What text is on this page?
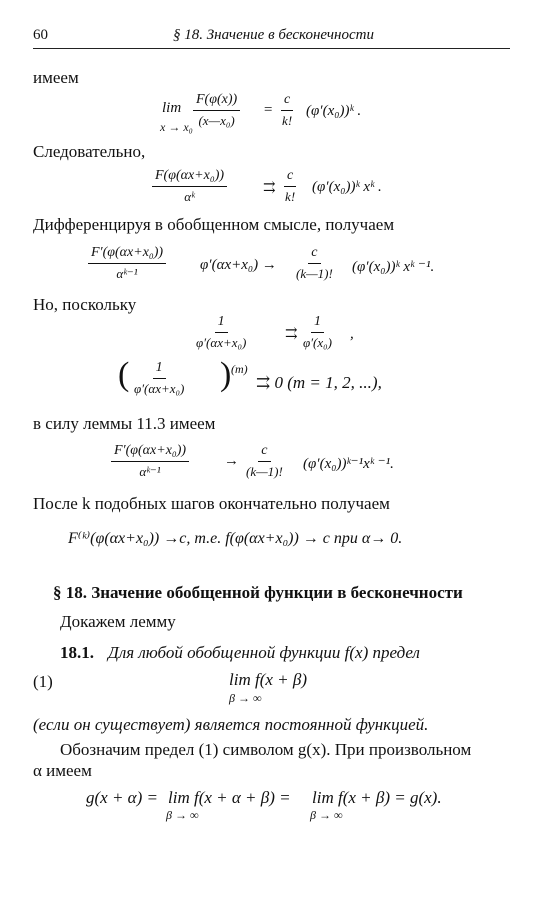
60	§ 18. Значение в бесконечности
имеем
lim
$x \to x_0 \frac{F(\varphi(x))}{\text{(x—x₀)}} = \frac{c}{k!}$ (φ′(x₀))ᵏ .
Следовательно,
$\frac{\text{F(φ(αx+x₀))}}{\text{αᵏ}}$ ⇉ $\frac{c}{k!}$ (φ′(x₀))ᵏ xᵏ .
Дифференцируя в обобщенном смысле, получаем
$\frac{\text{F′(φ(αx+x₀))}}{\text{αᵏ⁻¹}} \varphi'(\alpha x+x_0) \to \frac{c}{(k—1)!}$ (φ′(x₀))ᵏ xᵏ ⁻¹.
Но, поскольку
$\frac{1}{\text{φ′(αx+x₀)}}$	⇉ $\frac{1}{\text{φ′(x₀)}}$ ,
( $\frac{1}{\text{φ′(αx+x₀)}}$ ) (m)
⇉ 0 (m = 1, 2, ...),
в силу леммы 11.3 имеем
$\frac{\text{F′(φ(αx+x₀))}}{\text{αᵏ⁻¹}} \to \frac{c}{(k—1)!}$ (φ′(x₀))ᵏ⁻¹xᵏ ⁻¹.
После k подобных шагов окончательно получаем
F⁽ᵏ⁾(φ(αx+x₀)) →c, т.е. f(φ(αx+x₀)) → c при α→ 0.
§ 18. Значение обобщенной функции в бесконечности
Докажем лемму
18.1. Для любой обобщенной функции f(x) предел
(1)	lim f(x + β)
β → ∞
(если он существует) является постоянной функцией.
Обозначим предел (1) символом g(x). При произвольном
α имеем
g(x + α) = lim f(x + α + β) =
β → ∞
lim f(x + β) = g(x).
β → ∞
